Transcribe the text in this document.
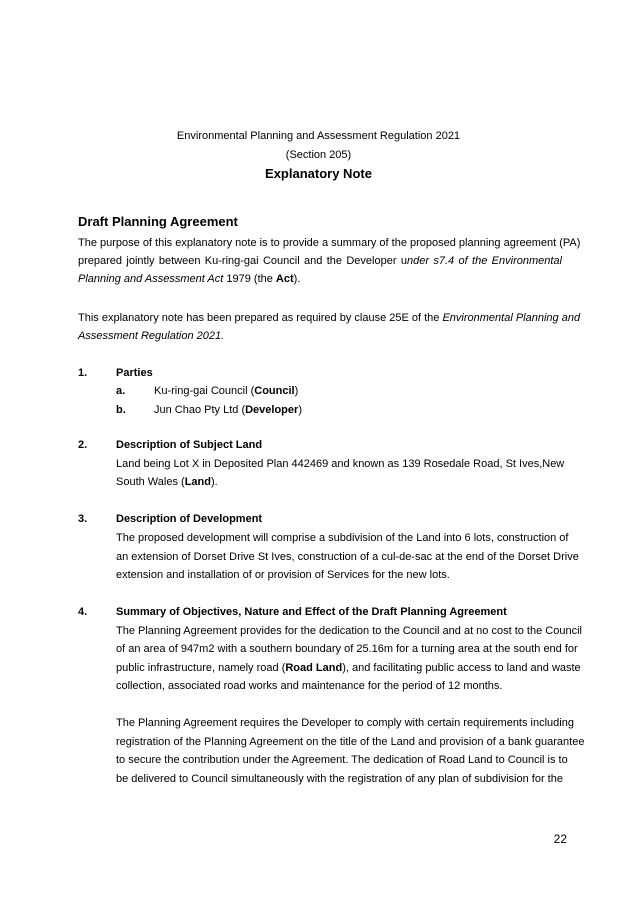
Environmental Planning and Assessment Regulation 2021
(Section 205)
Explanatory Note
Draft Planning Agreement
The purpose of this explanatory note is to provide a summary of the proposed planning agreement (PA)
prepared jointly between Ku-ring-gai Council and the Developer under s7.4 of the Environmental
Planning and Assessment Act 1979 (the Act).
This explanatory note has been prepared as required by clause 25E of the Environmental Planning and
Assessment Regulation 2021.
1.	Parties
a.	Ku-ring-gai Council (Council)
b.	Jun Chao Pty Ltd (Developer)
2.	Description of Subject Land
Land being Lot X in Deposited Plan 442469 and known as 139 Rosedale Road, St Ives,New
South Wales (Land).
3.	Description of Development
The proposed development will comprise a subdivision of the Land into 6 lots, construction of
an extension of Dorset Drive St Ives, construction of a cul-de-sac at the end of the Dorset Drive
extension and installation of or provision of Services for the new lots.
4.	Summary of Objectives, Nature and Effect of the Draft Planning Agreement
The Planning Agreement provides for the dedication to the Council and at no cost to the Council
of an area of 947m2 with a southern boundary of 25.16m for a turning area at the south end for
public infrastructure, namely road (Road Land), and facilitating public access to land and waste
collection, associated road works and maintenance for the period of 12 months.
The Planning Agreement requires the Developer to comply with certain requirements including
registration of the Planning Agreement on the title of the Land and provision of a bank guarantee
to secure the contribution under the Agreement. The dedication of Road Land to Council is to
be delivered to Council simultaneously with the registration of any plan of subdivision for the
22
